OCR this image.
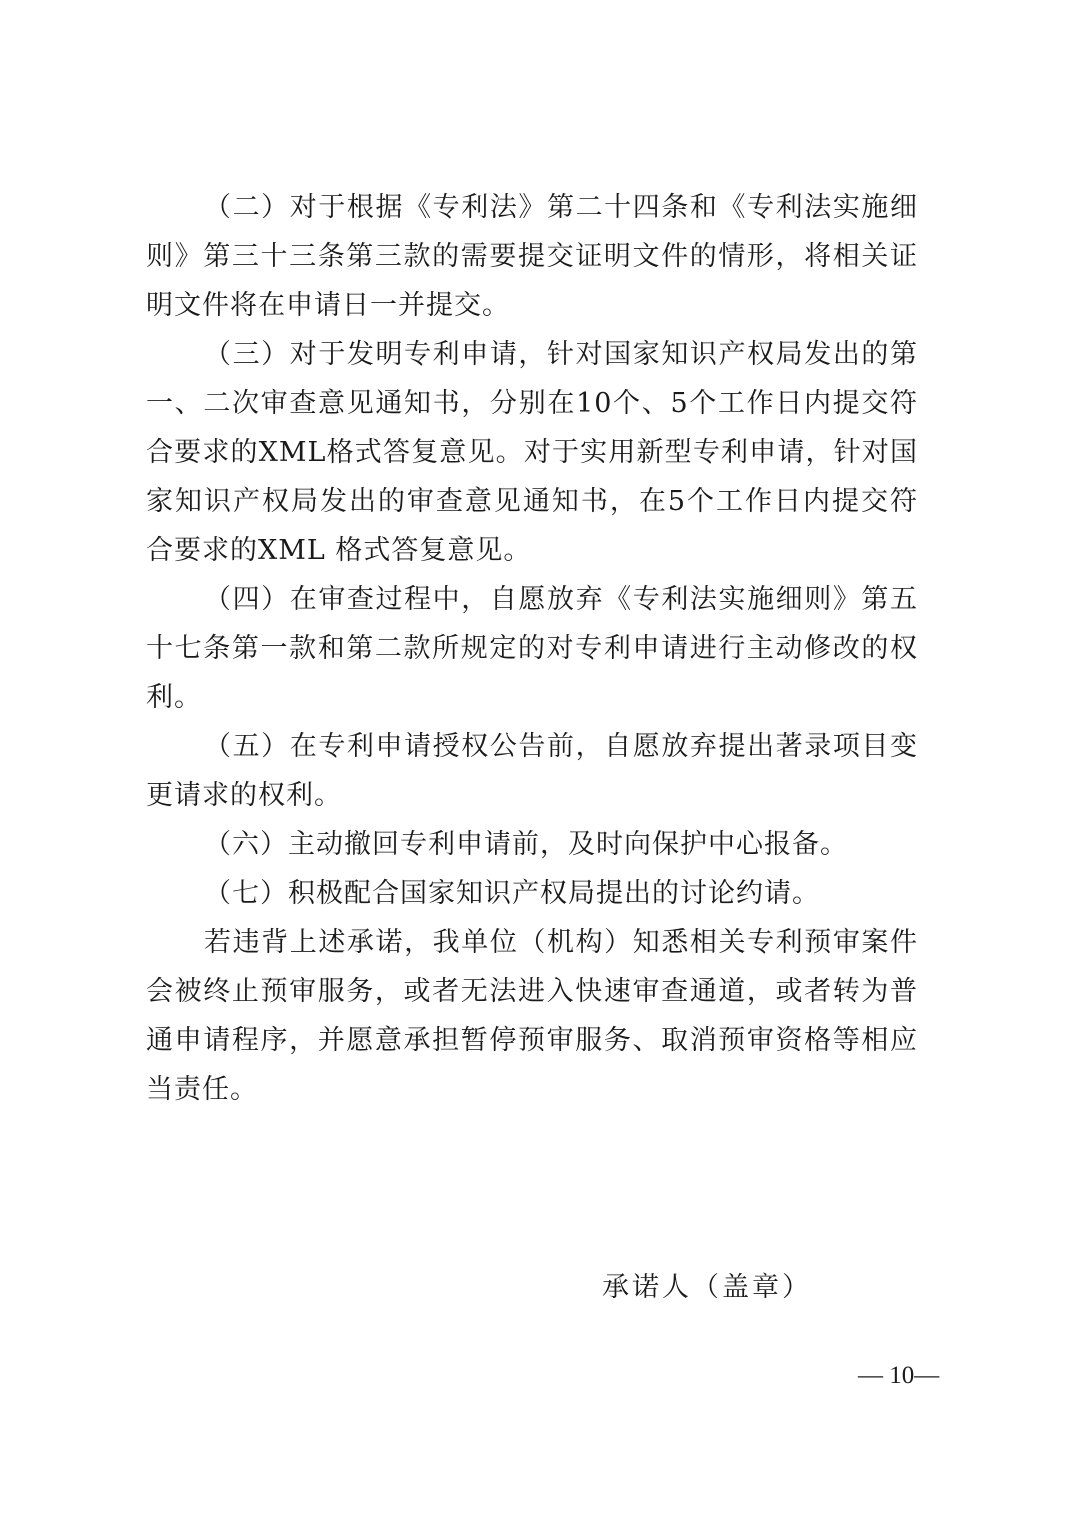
（二）对于根据《专利法》第二十四条和《专利法实施细则》第三十三条第三款的需要提交证明文件的情形，将相关证明文件将在申请日一并提交。

（三）对于发明专利申请，针对国家知识产权局发出的第一、二次审查意见通知书，分别在10个、5个工作日内提交符合要求的XML格式答复意见。对于实用新型专利申请，针对国家知识产权局发出的审查意见通知书，在5个工作日内提交符合要求的XML 格式答复意见。

（四）在审查过程中，自愿放弃《专利法实施细则》第五十七条第一款和第二款所规定的对专利申请进行主动修改的权利。

（五）在专利申请授权公告前，自愿放弃提出著录项目变更请求的权利。

（六）主动撤回专利申请前，及时向保护中心报备。

（七）积极配合国家知识产权局提出的讨论约请。

若违背上述承诺，我单位（机构）知悉相关专利预审案件会被终止预审服务，或者无法进入快速审查通道，或者转为普通申请程序，并愿意承担暂停预审服务、取消预审资格等相应当责任。

承诺人（盖章）
— 10—
